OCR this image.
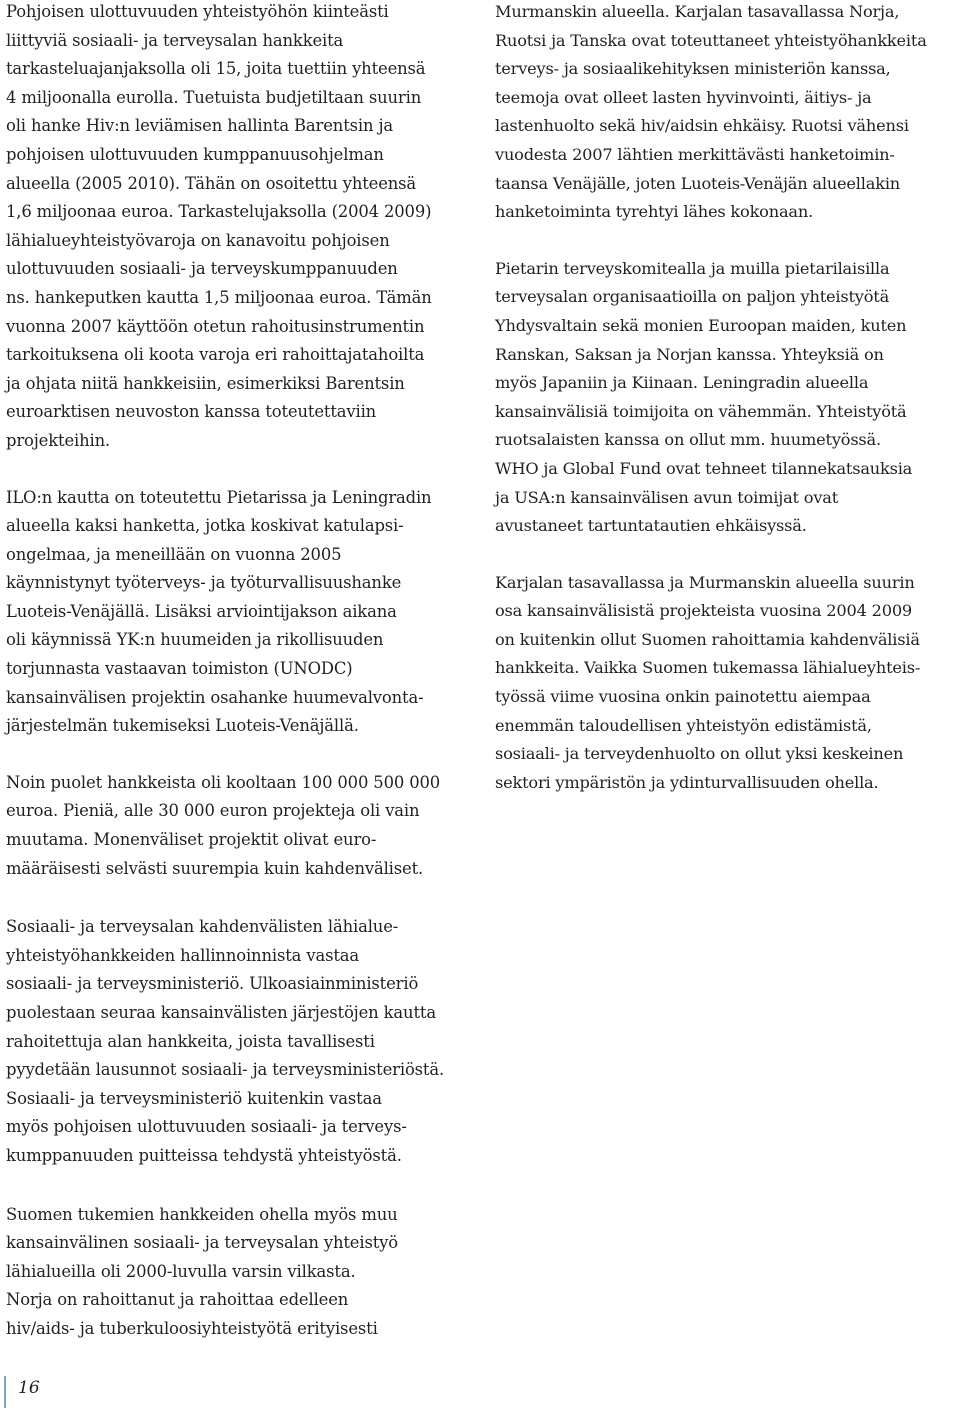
Pohjoisen ulottuvuuden yhteistyöhön kiinteästi
liittyviä sosiaali- ja terveysalan hankkeita
tarkasteluajanjaksolla oli 15, joita tuettiin yhteensä
4 miljoonalla eurolla. Tuetuista budjetiltaan suurin
oli hanke Hiv:n leviämisen hallinta Barentsin ja
pohjoisen ulottuvuuden kumppanuusohjelman
alueella (2005 2010). Tähän on osoitettu yhteensä
1,6 miljoonaa euroa. Tarkastelujaksolla (2004 2009)
lähialueyhteistyövaroja on kanavoitu pohjoisen
ulottuvuuden sosiaali- ja terveyskumppanuuden
ns. hankeputken kautta 1,5 miljoonaa euroa. Tämän
vuonna 2007 käyttöön otetun rahoitusinstrumentin
tarkoituksena oli koota varoja eri rahoittajatahoilta
ja ohjata niitä hankkeisiin, esimerkiksi Barentsin
euroarktisen neuvoston kanssa toteutettaviin
projekteihin.

ILO:n kautta on toteutettu Pietarissa ja Leningradin
alueella kaksi hanketta, jotka koskivat katulapsi-
ongelmaa, ja meneillään on vuonna 2005
käynnistynyt työterveys- ja työturvallisuushanke
Luoteis-Venäjällä. Lisäksi arviointijakson aikana
oli käynnissä YK:n huumeiden ja rikollisuuden
torjunnasta vastaavan toimiston (UNODC)
kansainvälisen projektin osahanke huumevalvonta-
järjestelmän tukemiseksi Luoteis-Venäjällä.

Noin puolet hankkeista oli kooltaan 100 000 500 000
euroa. Pieniä, alle 30 000 euron projekteja oli vain
muutama. Monenväliset projektit olivat euro-
määräisesti selvästi suurempia kuin kahdenväliset.

Sosiaali- ja terveysalan kahdenvälisten lähialue-
yhteistyöhankkeiden hallinnoinnista vastaa
sosiaali- ja terveysministeriö. Ulkoasiainministeriö
puolestaan seuraa kansainvälisten järjestöjen kautta
rahoitettuja alan hankkeita, joista tavallisesti
pyydetään lausunnot sosiaali- ja terveysministeriöstä.
Sosiaali- ja terveysministeriö kuitenkin vastaa
myös pohjoisen ulottuvuuden sosiaali- ja terveys-
kumppanuuden puitteissa tehdystä yhteistyöstä.

Suomen tukemien hankkeiden ohella myös muu
kansainvälinen sosiaali- ja terveysalan yhteistyö
lähialueilla oli 2000-luvulla varsin vilkasta.
Norja on rahoittanut ja rahoittaa edelleen
hiv/aids- ja tuberkuloosiyhteistyötä erityisesti

Murmanskin alueella. Karjalan tasavallassa Norja,
Ruotsi ja Tanska ovat toteuttaneet yhteistyöhankkeita
terveys- ja sosiaalikehityksen ministeriön kanssa,
teemoja ovat olleet lasten hyvinvointi, äitiys- ja
lastenhuolto sekä hiv/aidsin ehkäisy. Ruotsi vähensi
vuodesta 2007 lähtien merkittävästi hanketoimin-
taansa Venäjälle, joten Luoteis-Venäjän alueellakin
hanketoiminta tyrehtyi lähes kokonaan.

Pietarin terveyskomitealla ja muilla pietarilaisilla
terveysalan organisaatioilla on paljon yhteistyötä
Yhdysvaltain sekä monien Euroopan maiden, kuten
Ranskan, Saksan ja Norjan kanssa. Yhteyksiä on
myös Japaniin ja Kiinaan. Leningradin alueella
kansainvälisiä toimijoita on vähemmän. Yhteistyötä
ruotsalaisten kanssa on ollut mm. huumetyössä.
WHO ja Global Fund ovat tehneet tilannekatsauksia
ja USA:n kansainvälisen avun toimijat ovat
avustaneet tartuntatautien ehkäisyssä.

Karjalan tasavallassa ja Murmanskin alueella suurin
osa kansainvälisistä projekteista vuosina 2004 2009
on kuitenkin ollut Suomen rahoittamia kahdenvälisiä
hankkeita. Vaikka Suomen tukemassa lähialueyhteis-
työssä viime vuosina onkin painotettu aiempaa
enemmän taloudellisen yhteistyön edistämistä,
sosiaali- ja terveydenhuolto on ollut yksi keskeinen
sektori ympäristön ja ydinturvallisuuden ohella.

16
